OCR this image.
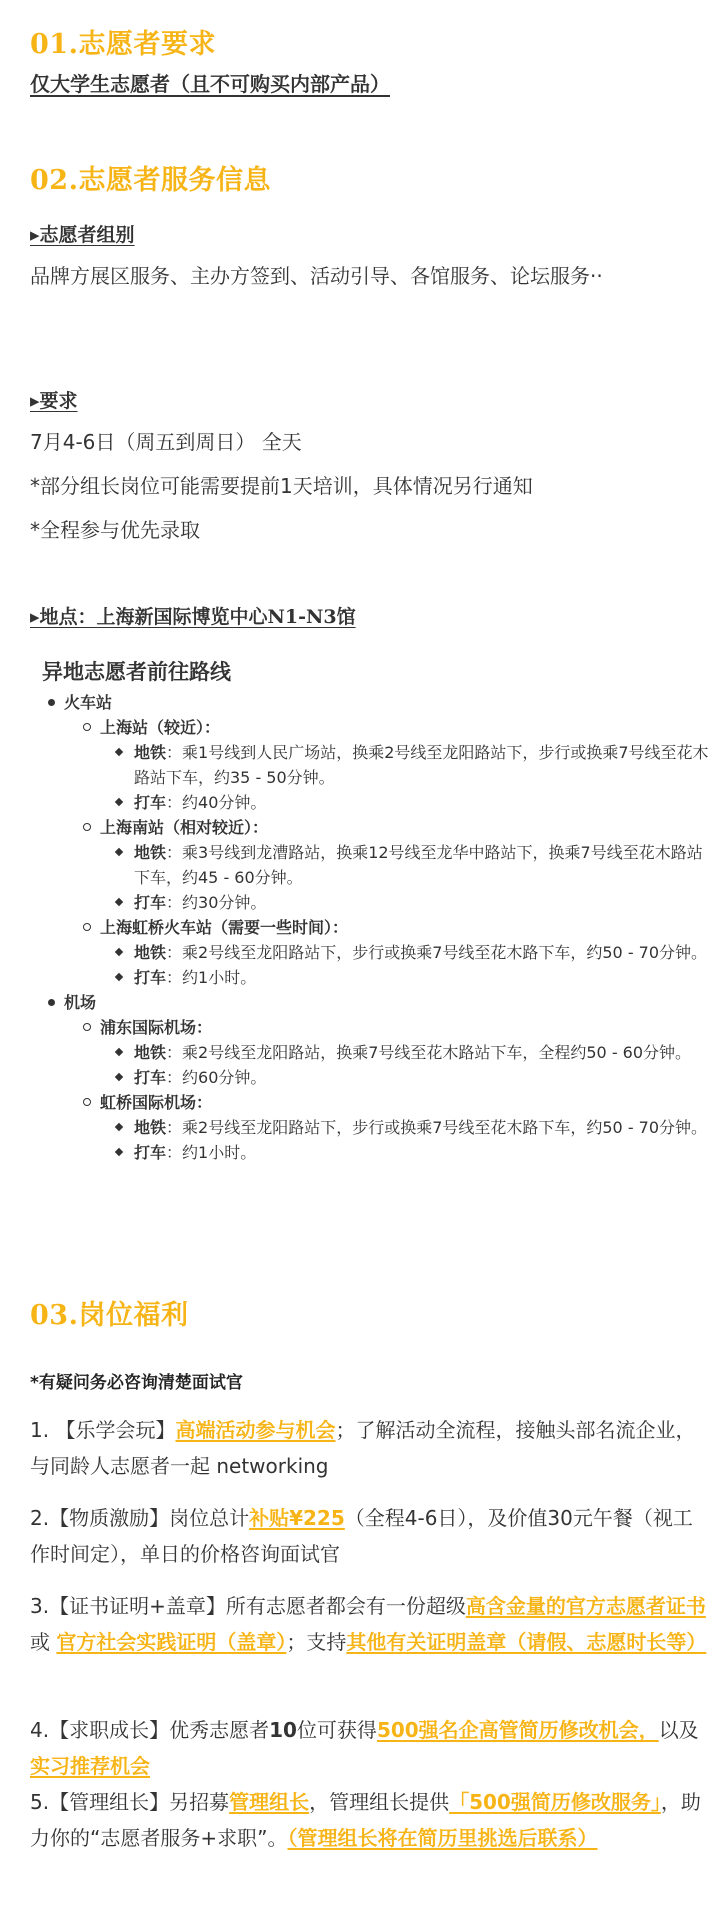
01.志愿者要求
仅大学生志愿者（且不可购买内部产品）
02.志愿者服务信息
▸志愿者组别
品牌方展区服务、主办方签到、活动引导、各馆服务、论坛服务··
▸要求
7月4-6日（周五到周日） 全天
*部分组长岗位可能需要提前1天培训，具体情况另行通知
*全程参与优先录取
▸地点：上海新国际博览中心N1-N3馆
异地志愿者前往路线
火车站
上海站（较近）：
地铁：乘1号线到人民广场站，换乘2号线至龙阳路站下，步行或换乘7号线至花木路站下车，约35 - 50分钟。
打车：约40分钟。
上海南站（相对较近）：
地铁：乘3号线到龙漕路站，换乘12号线至龙华中路站下，换乘7号线至花木路站下车，约45 - 60分钟。
打车：约30分钟。
上海虹桥火车站（需要一些时间）：
地铁：乘2号线至龙阳路站下，步行或换乘7号线至花木路下车，约50 - 70分钟。
打车：约1小时。
机场
浦东国际机场：
地铁：乘2号线至龙阳路站，换乘7号线至花木路站下车，全程约50 - 60分钟。
打车：约60分钟。
虹桥国际机场：
地铁：乘2号线至龙阳路站下，步行或换乘7号线至花木路下车，约50 - 70分钟。
打车：约1小时。
03.岗位福利
*有疑问务必咨询清楚面试官
1. 【乐学会玩】高端活动参与机会；了解活动全流程，接触头部名流企业，与同龄人志愿者一起 networking
2.【物质激励】岗位总计补贴¥225（全程4-6日），及价值30元午餐（视工作时间定），单日的价格咨询面试官
3.【证书证明+盖章】所有志愿者都会有一份超级高含金量的官方志愿者证书或 官方社会实践证明（盖章）；支持其他有关证明盖章（请假、志愿时长等）
4.【求职成长】优秀志愿者10位可获得500强名企高管简历修改机会，以及实习推荐机会
5.【管理组长】另招募管理组长，管理组长提供「500强简历修改服务」，助力你的“志愿者服务+求职”。（管理组长将在简历里挑选后联系）
